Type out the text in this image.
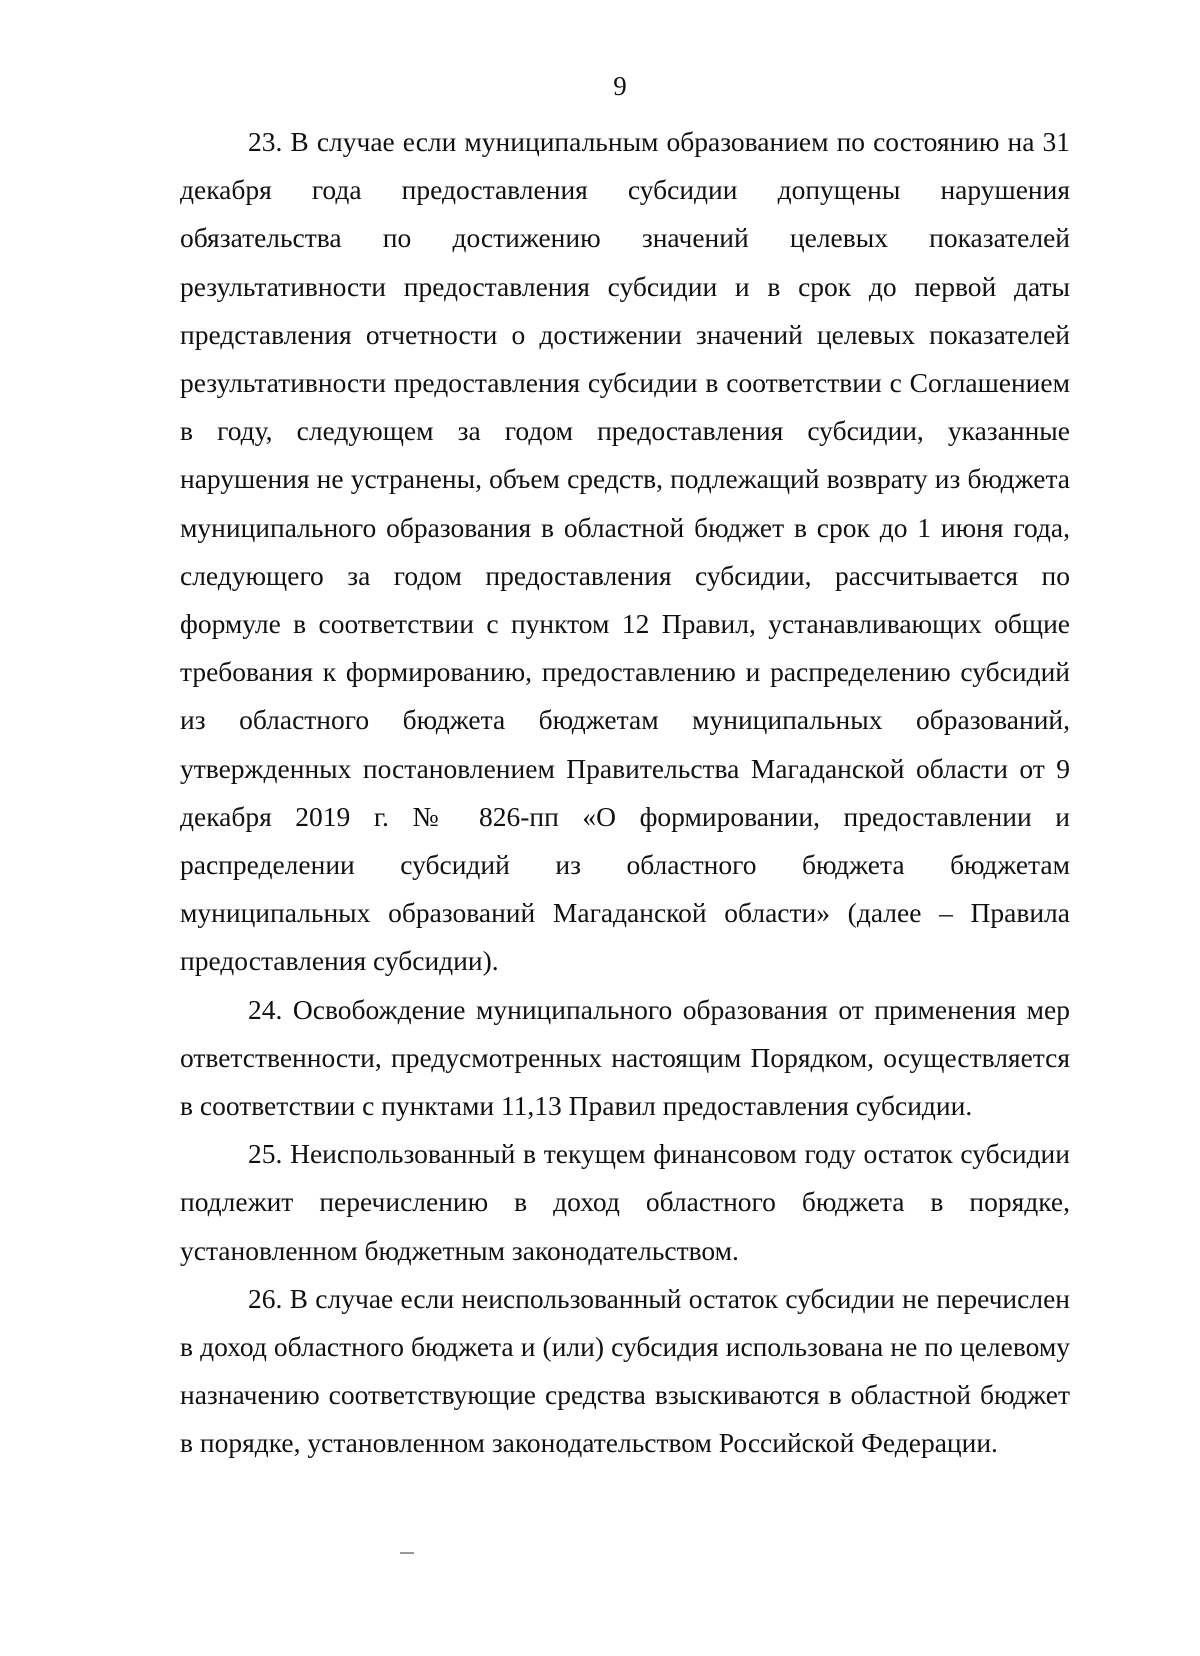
9

23. В случае если муниципальным образованием по состоянию на 31 декабря года предоставления субсидии допущены нарушения обязательства по достижению значений целевых показателей результативности предоставления субсидии и в срок до первой даты представления отчетности о достижении значений целевых показателей результативности предоставления субсидии в соответствии с Соглашением в году, следующем за годом предоставления субсидии, указанные нарушения не устранены, объем средств, подлежащий возврату из бюджета муниципального образования в областной бюджет в срок до 1 июня года, следующего за годом предоставления субсидии, рассчитывается по формуле в соответствии с пунктом 12 Правил, устанавливающих общие требования к формированию, предоставлению и распределению субсидий из областного бюджета бюджетам муниципальных образований, утвержденных постановлением Правительства Магаданской области от 9 декабря 2019 г. № 826-пп «О формировании, предоставлении и распределении субсидий из областного бюджета бюджетам муниципальных образований Магаданской области» (далее – Правила предоставления субсидии).

24. Освобождение муниципального образования от применения мер ответственности, предусмотренных настоящим Порядком, осуществляется в соответствии с пунктами 11,13 Правил предоставления субсидии.

25. Неиспользованный в текущем финансовом году остаток субсидии подлежит перечислению в доход областного бюджета в порядке, установленном бюджетным законодательством.

26. В случае если неиспользованный остаток субсидии не перечислен в доход областного бюджета и (или) субсидия использована не по целевому назначению соответствующие средства взыскиваются в областной бюджет в порядке, установленном законодательством Российской Федерации.
